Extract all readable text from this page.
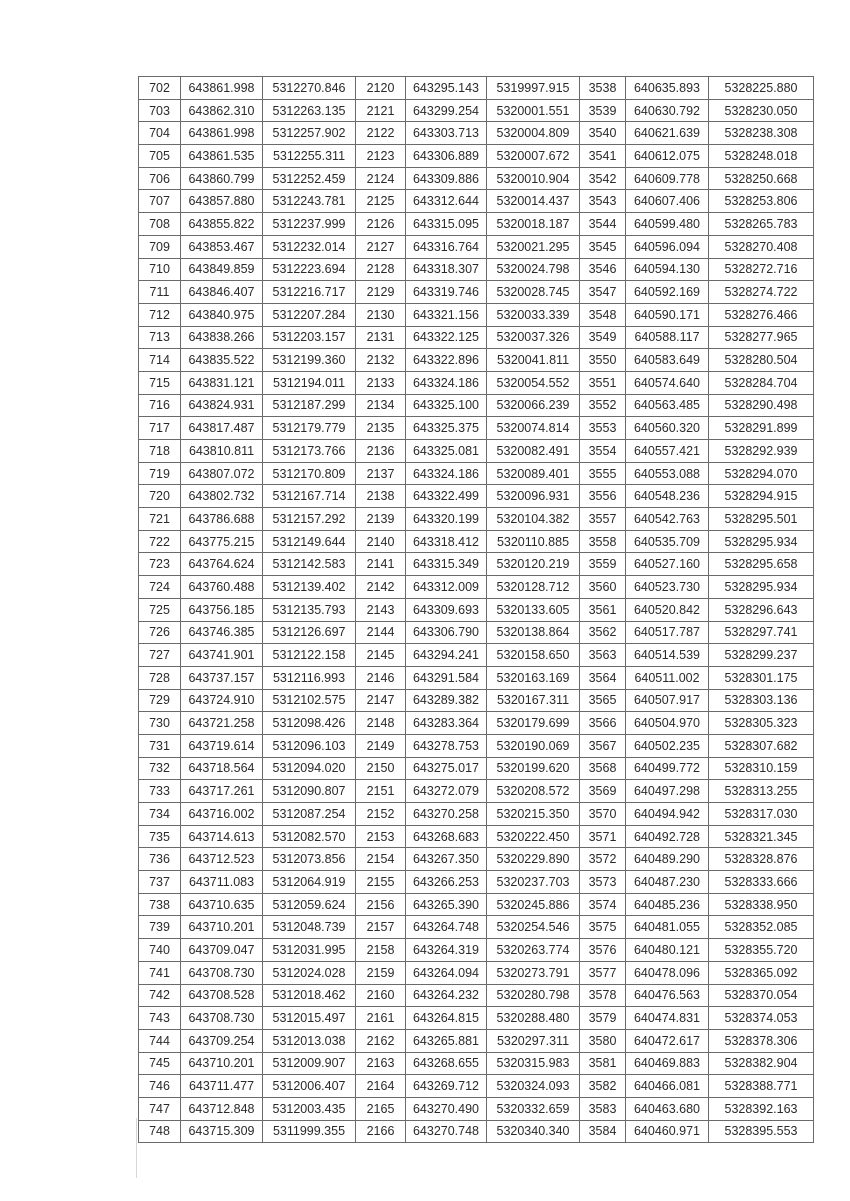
702	643861.998	5312270.846	2120	643295.143	5319997.915	3538	640635.893	5328225.880
703	643862.310	5312263.135	2121	643299.254	5320001.551	3539	640630.792	5328230.050
704	643861.998	5312257.902	2122	643303.713	5320004.809	3540	640621.639	5328238.308
705	643861.535	5312255.311	2123	643306.889	5320007.672	3541	640612.075	5328248.018
706	643860.799	5312252.459	2124	643309.886	5320010.904	3542	640609.778	5328250.668
707	643857.880	5312243.781	2125	643312.644	5320014.437	3543	640607.406	5328253.806
708	643855.822	5312237.999	2126	643315.095	5320018.187	3544	640599.480	5328265.783
709	643853.467	5312232.014	2127	643316.764	5320021.295	3545	640596.094	5328270.408
710	643849.859	5312223.694	2128	643318.307	5320024.798	3546	640594.130	5328272.716
711	643846.407	5312216.717	2129	643319.746	5320028.745	3547	640592.169	5328274.722
712	643840.975	5312207.284	2130	643321.156	5320033.339	3548	640590.171	5328276.466
713	643838.266	5312203.157	2131	643322.125	5320037.326	3549	640588.117	5328277.965
714	643835.522	5312199.360	2132	643322.896	5320041.811	3550	640583.649	5328280.504
715	643831.121	5312194.011	2133	643324.186	5320054.552	3551	640574.640	5328284.704
716	643824.931	5312187.299	2134	643325.100	5320066.239	3552	640563.485	5328290.498
717	643817.487	5312179.779	2135	643325.375	5320074.814	3553	640560.320	5328291.899
718	643810.811	5312173.766	2136	643325.081	5320082.491	3554	640557.421	5328292.939
719	643807.072	5312170.809	2137	643324.186	5320089.401	3555	640553.088	5328294.070
720	643802.732	5312167.714	2138	643322.499	5320096.931	3556	640548.236	5328294.915
721	643786.688	5312157.292	2139	643320.199	5320104.382	3557	640542.763	5328295.501
722	643775.215	5312149.644	2140	643318.412	5320110.885	3558	640535.709	5328295.934
723	643764.624	5312142.583	2141	643315.349	5320120.219	3559	640527.160	5328295.658
724	643760.488	5312139.402	2142	643312.009	5320128.712	3560	640523.730	5328295.934
725	643756.185	5312135.793	2143	643309.693	5320133.605	3561	640520.842	5328296.643
726	643746.385	5312126.697	2144	643306.790	5320138.864	3562	640517.787	5328297.741
727	643741.901	5312122.158	2145	643294.241	5320158.650	3563	640514.539	5328299.237
728	643737.157	5312116.993	2146	643291.584	5320163.169	3564	640511.002	5328301.175
729	643724.910	5312102.575	2147	643289.382	5320167.311	3565	640507.917	5328303.136
730	643721.258	5312098.426	2148	643283.364	5320179.699	3566	640504.970	5328305.323
731	643719.614	5312096.103	2149	643278.753	5320190.069	3567	640502.235	5328307.682
732	643718.564	5312094.020	2150	643275.017	5320199.620	3568	640499.772	5328310.159
733	643717.261	5312090.807	2151	643272.079	5320208.572	3569	640497.298	5328313.255
734	643716.002	5312087.254	2152	643270.258	5320215.350	3570	640494.942	5328317.030
735	643714.613	5312082.570	2153	643268.683	5320222.450	3571	640492.728	5328321.345
736	643712.523	5312073.856	2154	643267.350	5320229.890	3572	640489.290	5328328.876
737	643711.083	5312064.919	2155	643266.253	5320237.703	3573	640487.230	5328333.666
738	643710.635	5312059.624	2156	643265.390	5320245.886	3574	640485.236	5328338.950
739	643710.201	5312048.739	2157	643264.748	5320254.546	3575	640481.055	5328352.085
740	643709.047	5312031.995	2158	643264.319	5320263.774	3576	640480.121	5328355.720
741	643708.730	5312024.028	2159	643264.094	5320273.791	3577	640478.096	5328365.092
742	643708.528	5312018.462	2160	643264.232	5320280.798	3578	640476.563	5328370.054
743	643708.730	5312015.497	2161	643264.815	5320288.480	3579	640474.831	5328374.053
744	643709.254	5312013.038	2162	643265.881	5320297.311	3580	640472.617	5328378.306
745	643710.201	5312009.907	2163	643268.655	5320315.983	3581	640469.883	5328382.904
746	643711.477	5312006.407	2164	643269.712	5320324.093	3582	640466.081	5328388.771
747	643712.848	5312003.435	2165	643270.490	5320332.659	3583	640463.680	5328392.163
748	643715.309	5311999.355	2166	643270.748	5320340.340	3584	640460.971	5328395.553
